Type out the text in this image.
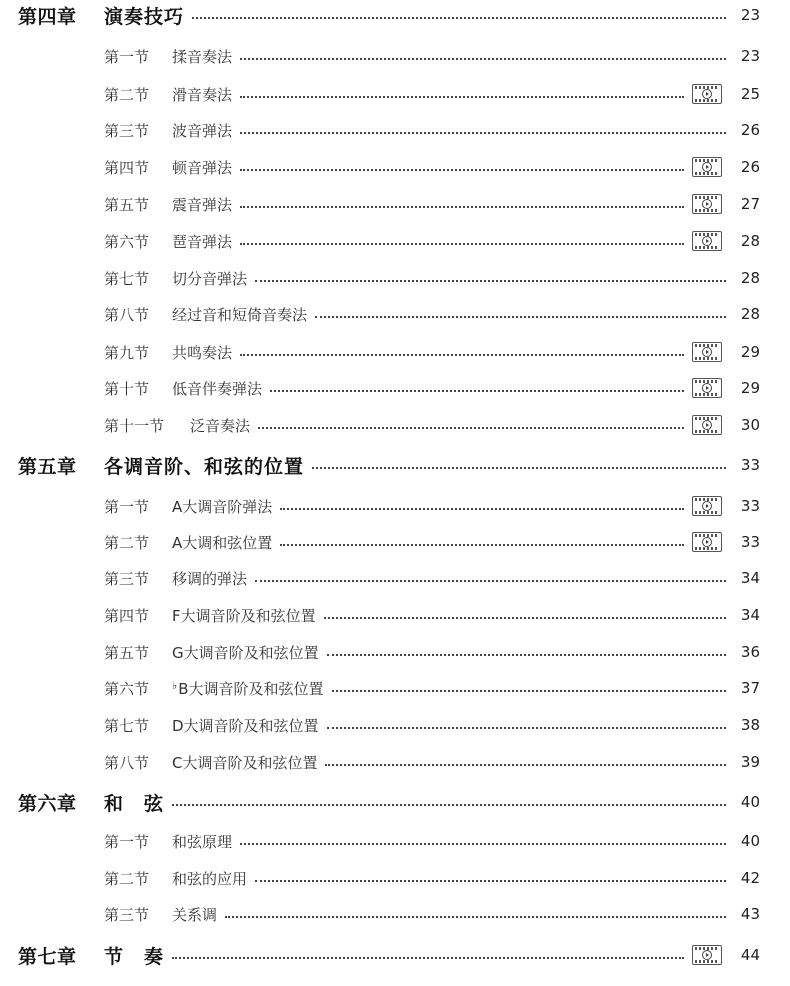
第四章	演奏技巧	23
第一节	揉音奏法	23
第二节	滑音奏法	25
第三节	波音弹法	26
第四节	顿音弹法	26
第五节	震音弹法	27
第六节	琶音弹法	28
第七节	切分音弹法	28
第八节	经过音和短倚音奏法	28
第九节	共鸣奏法	29
第十节	低音伴奏弹法	29
第十一节	泛音奏法	30
第五章	各调音阶、和弦的位置	33
第一节	A大调音阶弹法	33
第二节	A大调和弦位置	33
第三节	移调的弹法	34
第四节	F大调音阶及和弦位置	34
第五节	G大调音阶及和弦位置	36
第六节	♭B大调音阶及和弦位置	37
第七节	D大调音阶及和弦位置	38
第八节	C大调音阶及和弦位置	39
第六章	和　弦	40
第一节	和弦原理	40
第二节	和弦的应用	42
第三节	关系调	43
第七章	节　奏	44
